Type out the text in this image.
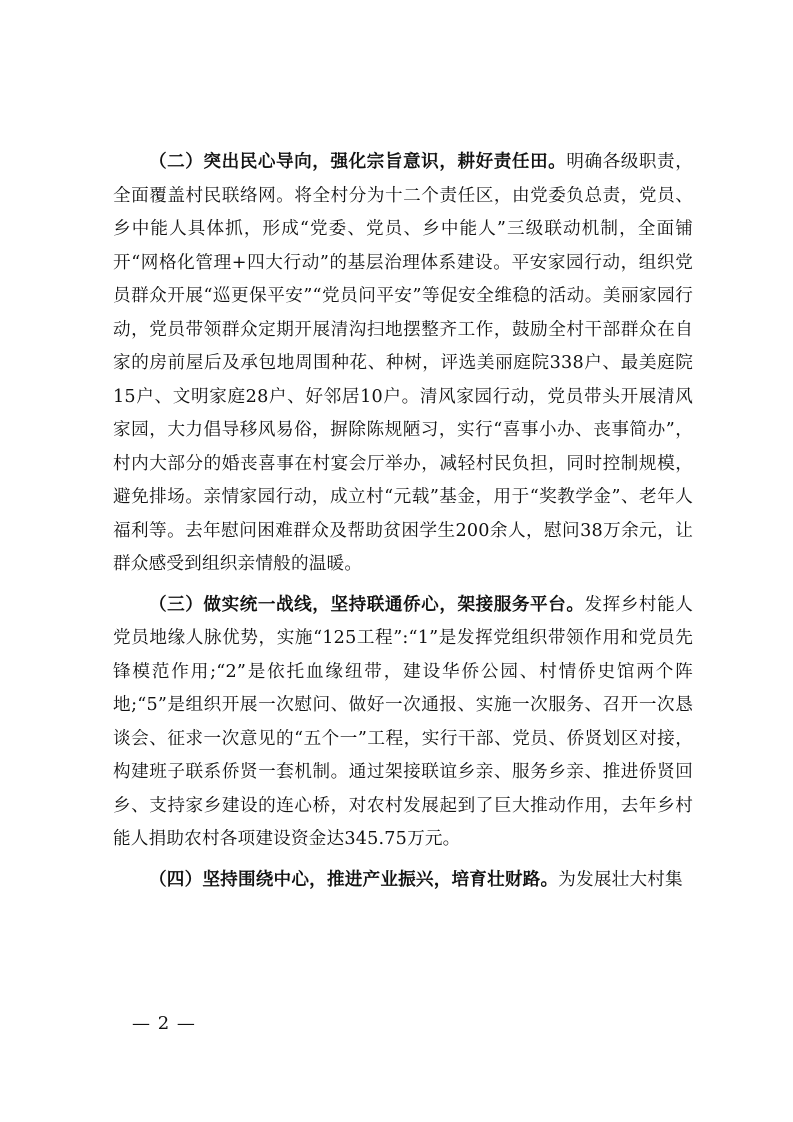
（二）突出民心导向，强化宗旨意识，耕好责任田。明确各级职责，全面覆盖村民联络网。将全村分为十二个责任区，由党委负总责，党员、乡中能人具体抓，形成“党委、党员、乡中能人”三级联动机制，全面铺开“网格化管理+四大行动”的基层治理体系建设。平安家园行动，组织党员群众开展“巡更保平安”“党员问平安”等促安全维稳的活动。美丽家园行动，党员带领群众定期开展清沟扫地摆整齐工作，鼓励全村干部群众在自家的房前屋后及承包地周围种花、种树，评选美丽庭院338户、最美庭院15户、文明家庭28户、好邻居10户。清风家园行动，党员带头开展清风家园，大力倡导移风易俗，摒除陈规陋习，实行“喜事小办、丧事简办”，村内大部分的婚丧喜事在村宴会厅举办，减轻村民负担，同时控制规模，避免排场。亲情家园行动，成立村“元载”基金，用于“奖教学金”、老年人福利等。去年慰问困难群众及帮助贫困学生200余人，慰问38万余元，让群众感受到组织亲情般的温暖。

（三）做实统一战线，坚持联通侨心，架接服务平台。发挥乡村能人党员地缘人脉优势，实施“125工程”:“1”是发挥党组织带领作用和党员先锋模范作用;“2”是依托血缘纽带，建设华侨公园、村情侨史馆两个阵地;“5”是组织开展一次慰问、做好一次通报、实施一次服务、召开一次恳谈会、征求一次意见的“五个一”工程，实行干部、党员、侨贤划区对接，构建班子联系侨贤一套机制。通过架接联谊乡亲、服务乡亲、推进侨贤回乡、支持家乡建设的连心桥，对农村发展起到了巨大推动作用，去年乡村能人捐助农村各项建设资金达345.75万元。

（四）坚持围绕中心，推进产业振兴，培育壮财路。为发展壮大村集

— 2 —
